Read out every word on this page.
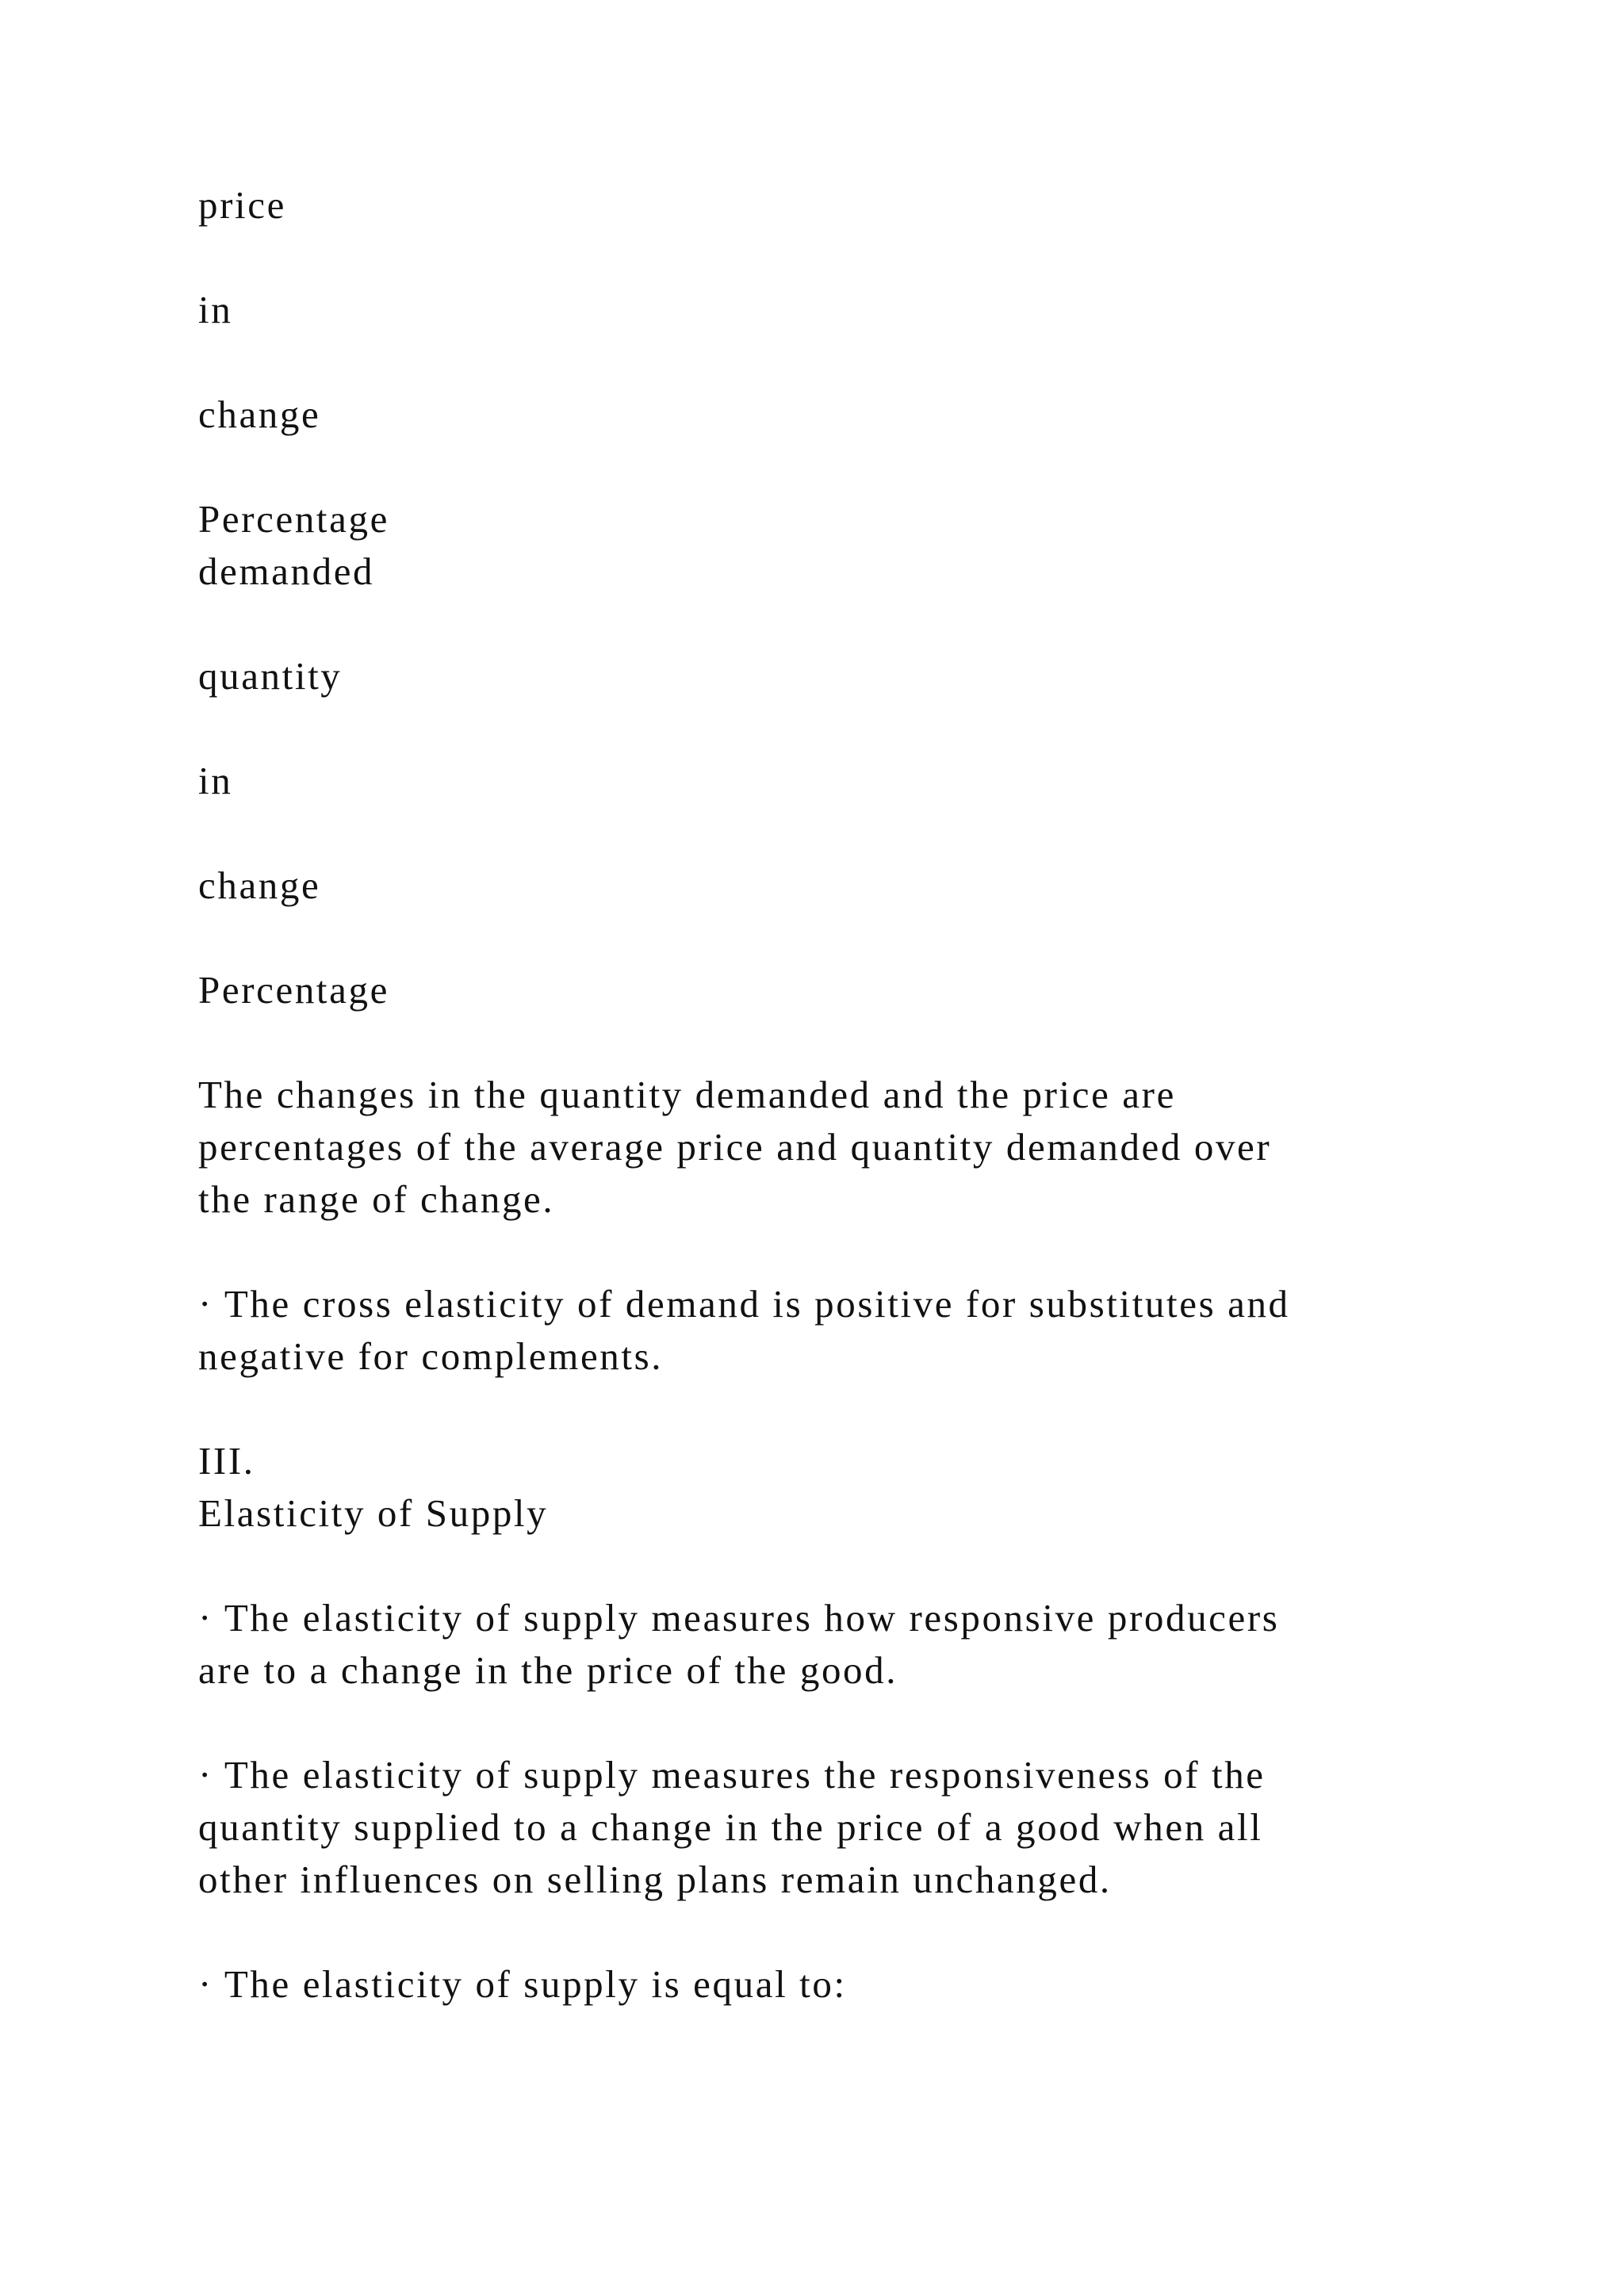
price

in

change

Percentage
demanded

quantity

in

change

Percentage

The changes in the quantity demanded and the price are
percentages of the average price and quantity demanded over
the range of change.

· The cross elasticity of demand is positive for substitutes and
negative for complements.

III.
Elasticity of Supply

· The elasticity of supply measures how responsive producers
are to a change in the price of the good.

· The elasticity of supply measures the responsiveness of the
quantity supplied to a change in the price of a good when all
other influences on selling plans remain unchanged.

· The elasticity of supply is equal to:
